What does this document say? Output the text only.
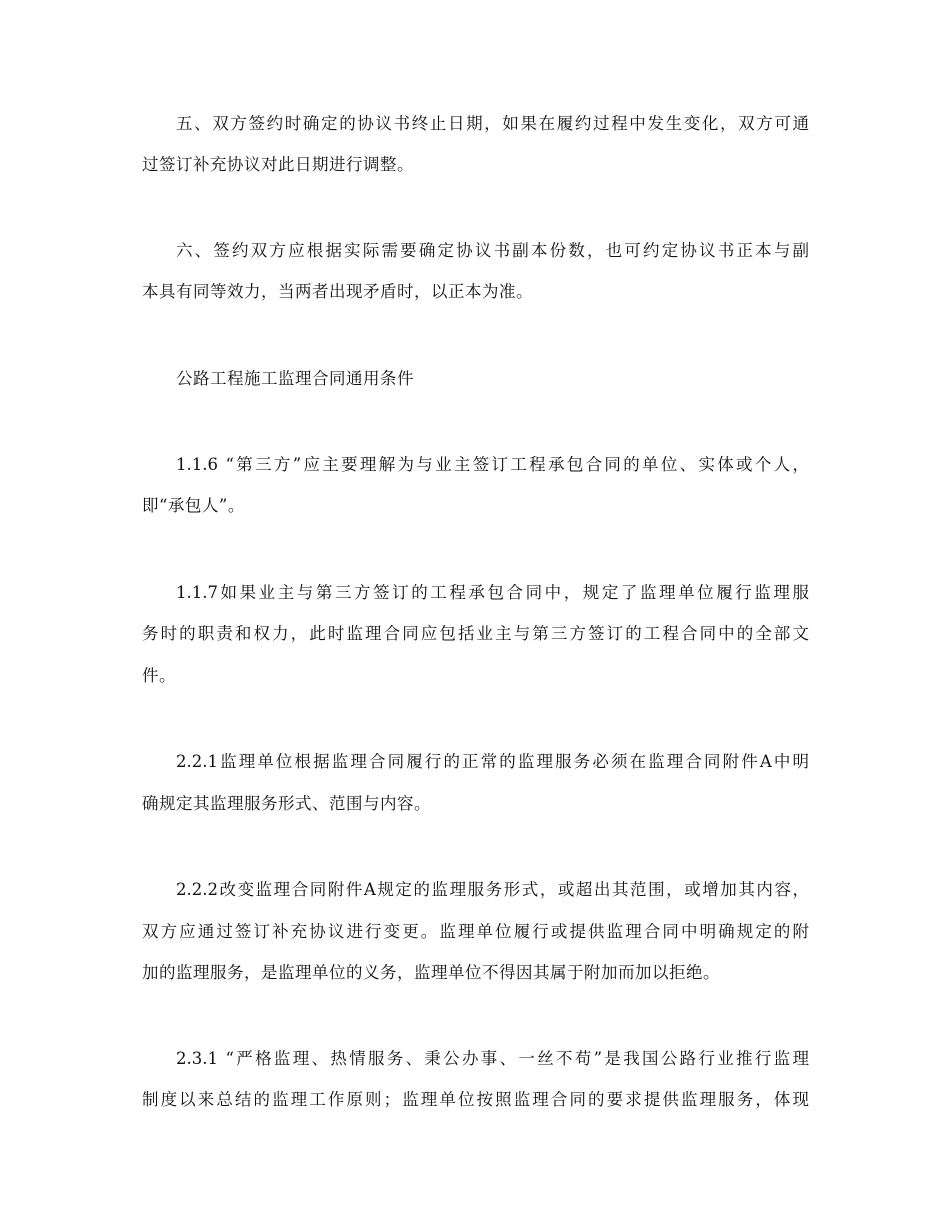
五、双方签约时确定的协议书终止日期，如果在履约过程中发生变化，双方可通
过签订补充协议对此日期进行调整。
六、签约双方应根据实际需要确定协议书副本份数，也可约定协议书正本与副
本具有同等效力，当两者出现矛盾时，以正本为准。
公路工程施工监理合同通用条件
1.1.6 “第三方”应主要理解为与业主签订工程承包合同的单位、实体或个人，
即“承包人”。
1.1.7如果业主与第三方签订的工程承包合同中，规定了监理单位履行监理服
务时的职责和权力，此时监理合同应包括业主与第三方签订的工程合同中的全部文
件。
2.2.1监理单位根据监理合同履行的正常的监理服务必须在监理合同附件A中明
确规定其监理服务形式、范围与内容。
2.2.2改变监理合同附件A规定的监理服务形式，或超出其范围，或增加其内容，
双方应通过签订补充协议进行变更。监理单位履行或提供监理合同中明确规定的附
加的监理服务，是监理单位的义务，监理单位不得因其属于附加而加以拒绝。
2.3.1 “严格监理、热情服务、秉公办事、一丝不苟”是我国公路行业推行监理
制度以来总结的监理工作原则；监理单位按照监理合同的要求提供监理服务，体现
